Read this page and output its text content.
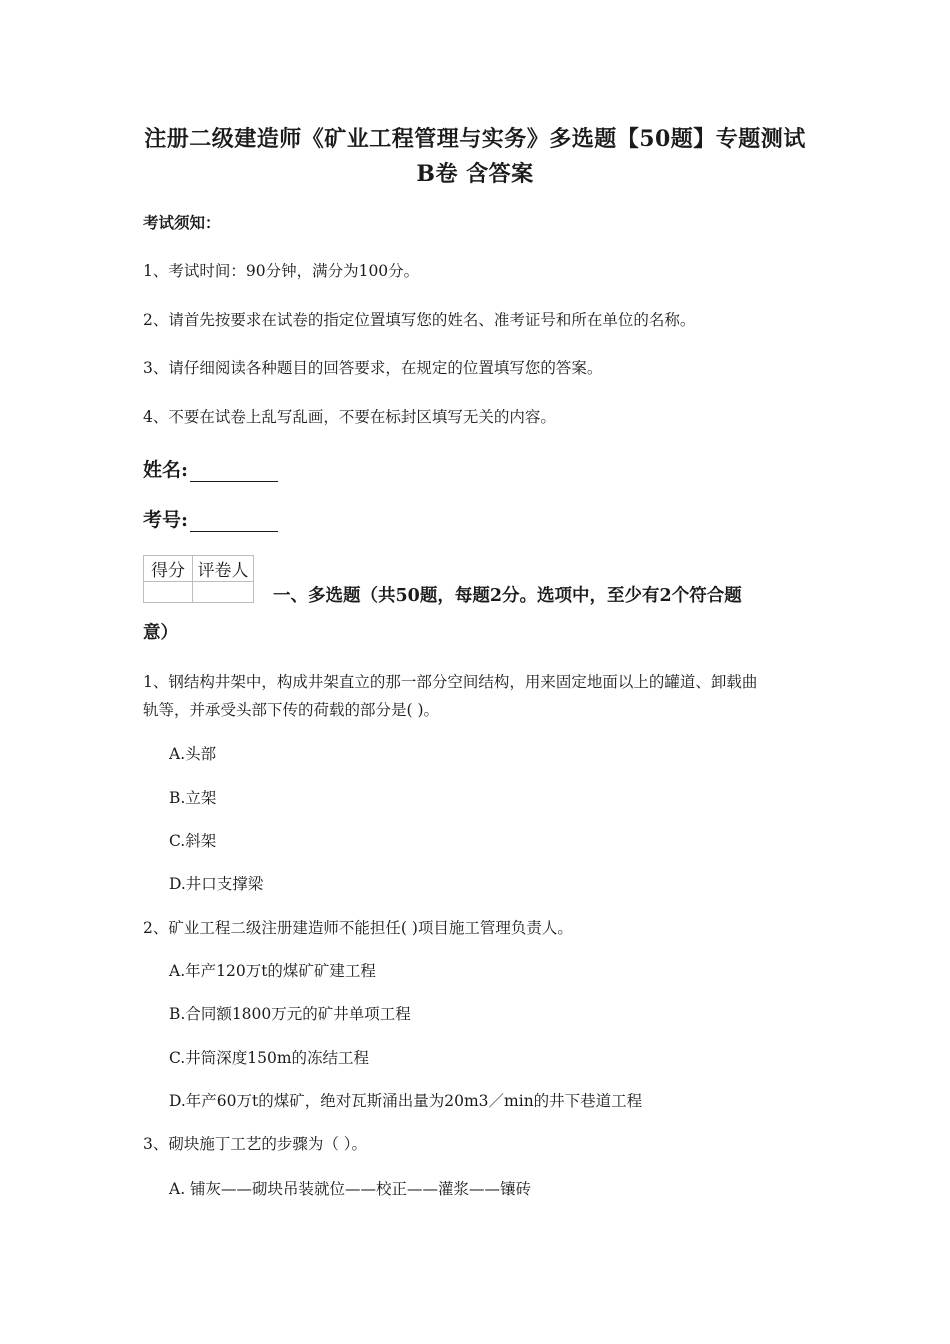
注册二级建造师《矿业工程管理与实务》多选题【50题】专题测试
B卷 含答案
考试须知：
1、考试时间：90分钟，满分为100分。
2、请首先按要求在试卷的指定位置填写您的姓名、准考证号和所在单位的名称。
3、请仔细阅读各种题目的回答要求，在规定的位置填写您的答案。
4、不要在试卷上乱写乱画，不要在标封区填写无关的内容。
姓名:
考号:
得分	评卷人

一、多选题（共50题，每题2分。选项中，至少有2个符合题
意）
1、钢结构井架中，构成井架直立的那一部分空间结构，用来固定地面以上的罐道、卸载曲
轨等，并承受头部下传的荷载的部分是( )。
A.头部
B.立架
C.斜架
D.井口支撑梁
2、矿业工程二级注册建造师不能担任( )项目施工管理负责人。
A.年产120万t的煤矿矿建工程
B.合同额1800万元的矿井单项工程
C.井筒深度150m的冻结工程
D.年产60万t的煤矿，绝对瓦斯涌出量为20m3／min的井下巷道工程
3、砌块施丁工艺的步骤为（ ）。
A. 铺灰——砌块吊装就位——校正——灌浆——镶砖
